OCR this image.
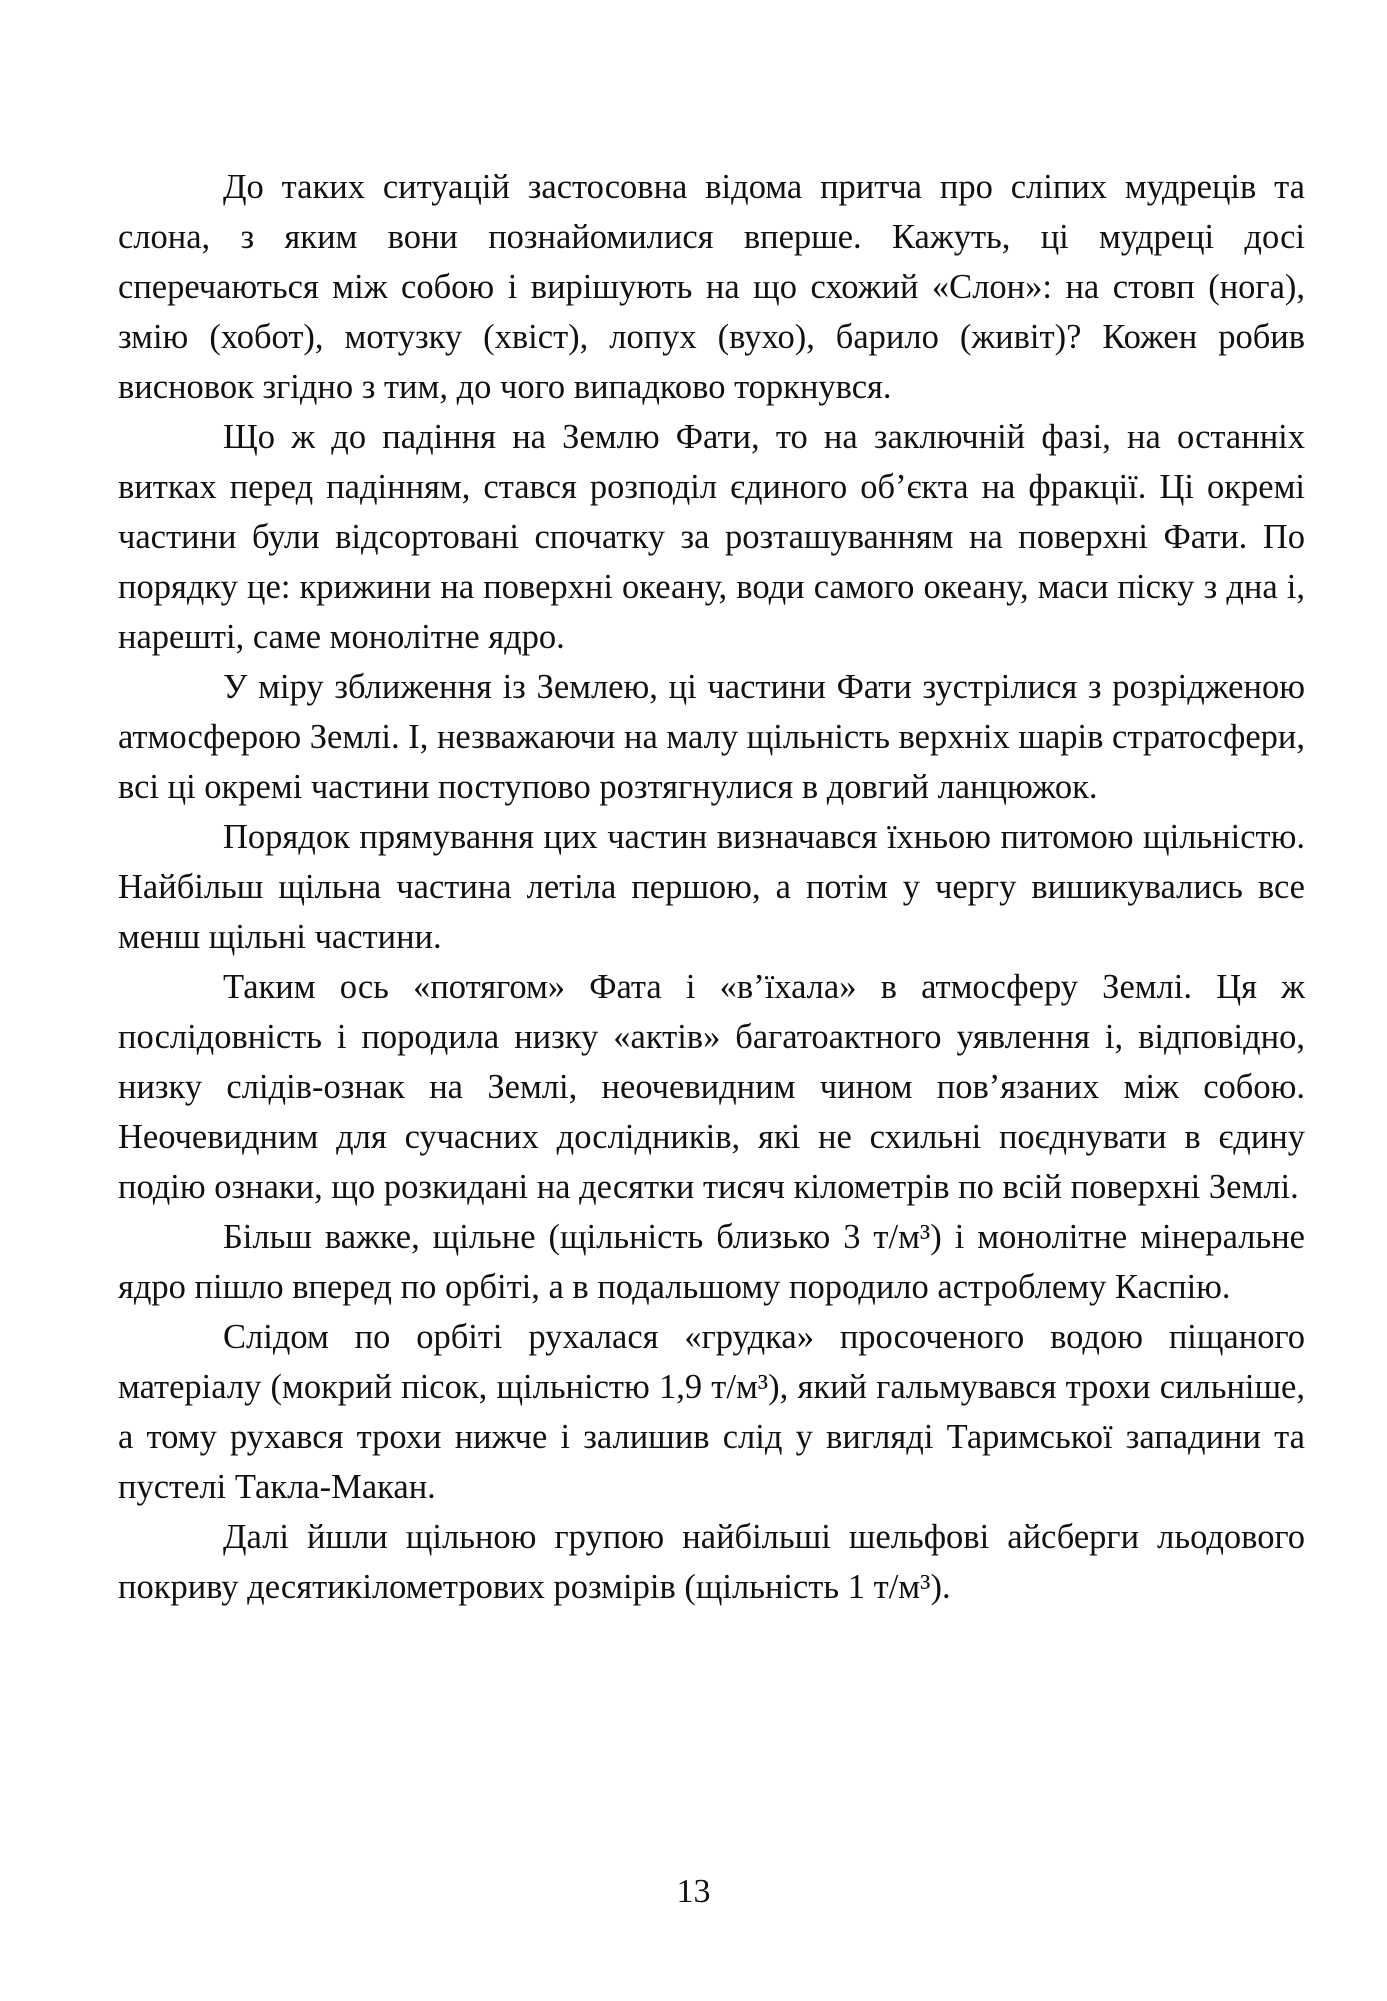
До таких ситуацій застосовна відома притча про сліпих мудреців та слона, з яким вони познайомилися вперше. Кажуть, ці мудреці досі сперечаються між собою і вирішують на що схожий «Слон»: на стовп (нога), змію (хобот), мотузку (хвіст), лопух (вухо), барило (живіт)? Кожен робив висновок згідно з тим, до чого випадково торкнувся.

Що ж до падіння на Землю Фати, то на заключній фазі, на останніх витках перед падінням, стався розподіл єдиного об’єкта на фракції. Ці окремі частини були відсортовані спочатку за розташуванням на поверхні Фати. По порядку це: крижини на поверхні океану, води самого океану, маси піску з дна і, нарешті, саме монолітне ядро.

У міру зближення із Землею, ці частини Фати зустрілися з розрідженою атмосферою Землі. І, незважаючи на малу щільність верхніх шарів стратосфери, всі ці окремі частини поступово розтягнулися в довгий ланцюжок.

Порядок прямування цих частин визначався їхньою питомою щільністю. Найбільш щільна частина летіла першою, а потім у чергу вишикувались все менш щільні частини.

Таким ось «потягом» Фата і «в’їхала» в атмосферу Землі. Ця ж послідовність і породила низку «актів» багатоактного уявлення і, відповідно, низку слідів-ознак на Землі, неочевидним чином пов’язаних між собою. Неочевидним для сучасних дослідників, які не схильні поєднувати в єдину подію ознаки, що розкидані на десятки тисяч кілометрів по всій поверхні Землі.

Більш важке, щільне (щільність близько 3 т/м³) і монолітне мінеральне ядро пішло вперед по орбіті, а в подальшому породило астроблему Каспію.

Слідом по орбіті рухалася «грудка» просоченого водою піщаного матеріалу (мокрий пісок, щільністю 1,9 т/м³), який гальмувався трохи сильніше, а тому рухався трохи нижче і залишив слід у вигляді Таримської западини та пустелі Такла-Макан.

Далі йшли щільною групою найбільші шельфові айсберги льодового покриву десятикілометрових розмірів (щільність 1 т/м³).

13
